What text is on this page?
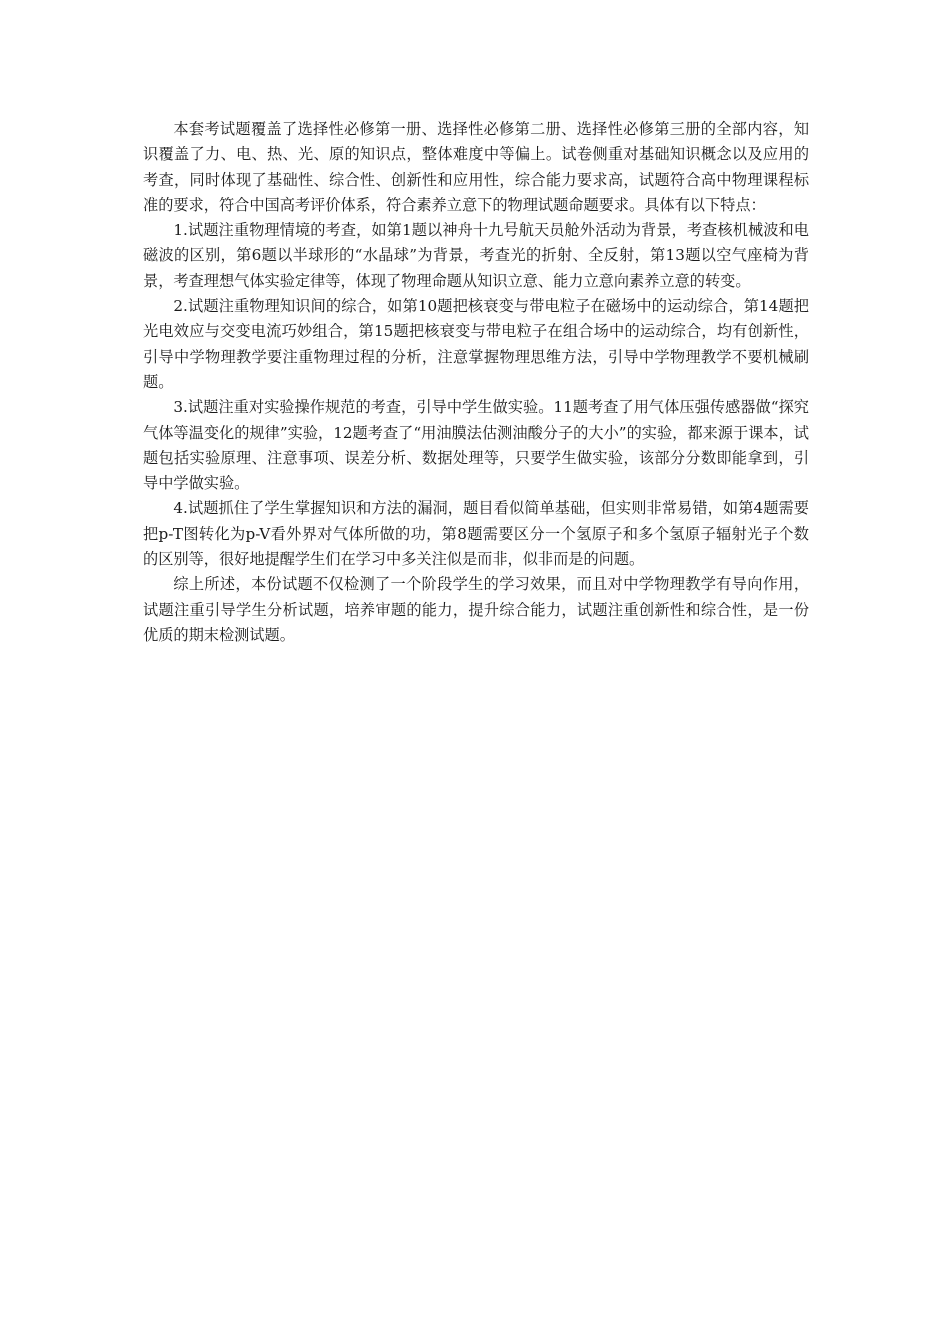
本套考试题覆盖了选择性必修第一册、选择性必修第二册、选择性必修第三册的全部内容，知识覆盖了力、电、热、光、原的知识点，整体难度中等偏上。试卷侧重对基础知识概念以及应用的考查，同时体现了基础性、综合性、创新性和应用性，综合能力要求高，试题符合高中物理课程标准的要求，符合中国高考评价体系，符合素养立意下的物理试题命题要求。具体有以下特点：

1.试题注重物理情境的考查，如第1题以神舟十九号航天员舱外活动为背景，考查核机械波和电磁波的区别，第6题以半球形的“水晶球”为背景，考查光的折射、全反射，第13题以空气座椅为背景，考查理想气体实验定律等，体现了物理命题从知识立意、能力立意向素养立意的转变。

2.试题注重物理知识间的综合，如第10题把核衰变与带电粒子在磁场中的运动综合，第14题把光电效应与交变电流巧妙组合，第15题把核衰变与带电粒子在组合场中的运动综合，均有创新性，引导中学物理教学要注重物理过程的分析，注意掌握物理思维方法，引导中学物理教学不要机械刷题。

3.试题注重对实验操作规范的考查，引导中学生做实验。11题考查了用气体压强传感器做“探究气体等温变化的规律”实验，12题考查了“用油膜法估测油酸分子的大小”的实验，都来源于课本，试题包括实验原理、注意事项、误差分析、数据处理等，只要学生做实验，该部分分数即能拿到，引导中学做实验。

4.试题抓住了学生掌握知识和方法的漏洞，题目看似简单基础，但实则非常易错，如第4题需要把p-T图转化为p-V看外界对气体所做的功，第8题需要区分一个氢原子和多个氢原子辐射光子个数的区别等，很好地提醒学生们在学习中多关注似是而非，似非而是的问题。

综上所述，本份试题不仅检测了一个阶段学生的学习效果，而且对中学物理教学有导向作用，试题注重引导学生分析试题，培养审题的能力，提升综合能力，试题注重创新性和综合性，是一份优质的期末检测试题。
